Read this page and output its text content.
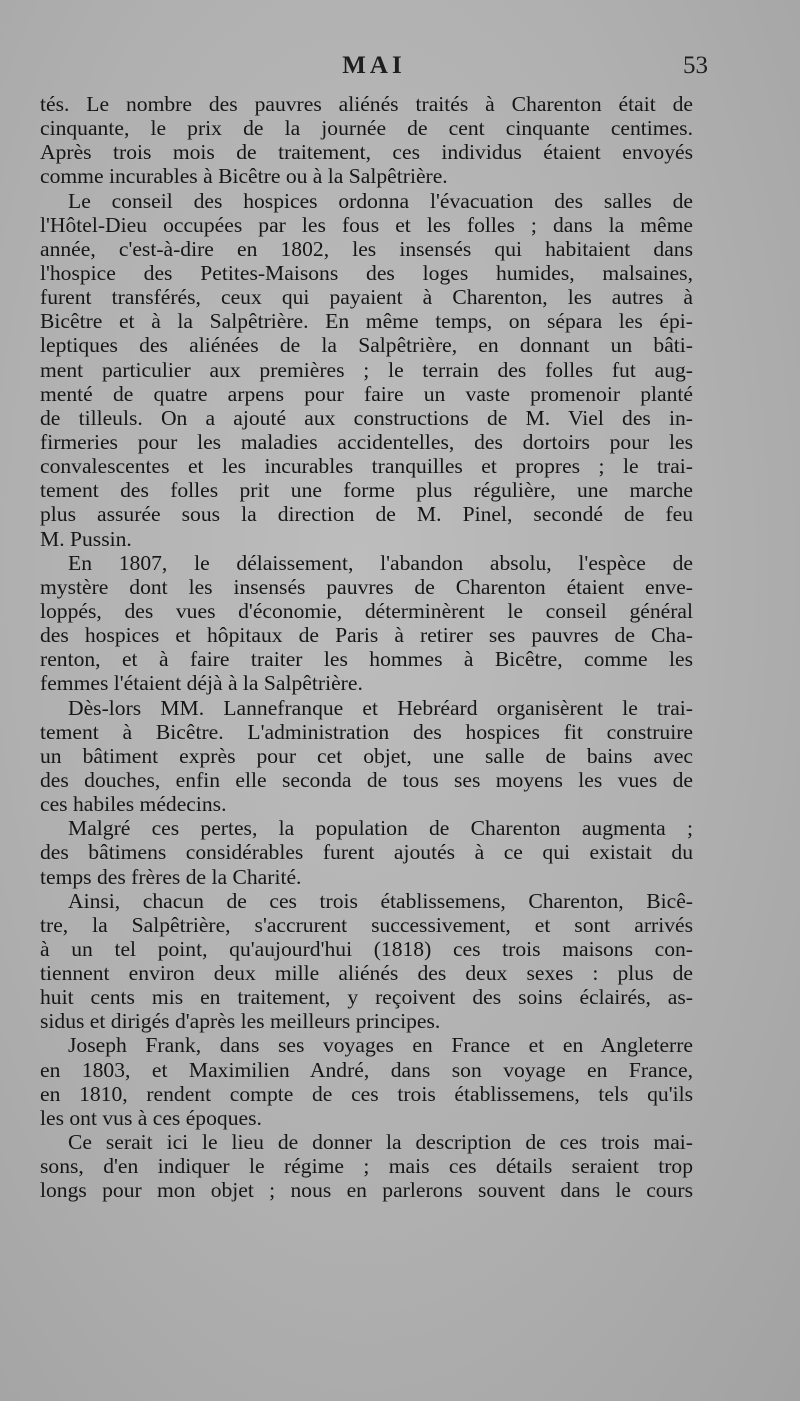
MAI	53

tés. Le nombre des pauvres aliénés traités à Charenton était de
cinquante, le prix de la journée de cent cinquante centimes.
Après trois mois de traitement, ces individus étaient envoyés
comme incurables à Bicêtre ou à la Salpêtrière.

Le conseil des hospices ordonna l'évacuation des salles de
l'Hôtel-Dieu occupées par les fous et les folles ; dans la même
année, c'est-à-dire en 1802, les insensés qui habitaient dans
l'hospice des Petites-Maisons des loges humides, malsaines,
furent transférés, ceux qui payaient à Charenton, les autres à
Bicêtre et à la Salpêtrière. En même temps, on sépara les épi-
leptiques des aliénées de la Salpêtrière, en donnant un bâti-
ment particulier aux premières ; le terrain des folles fut aug-
menté de quatre arpens pour faire un vaste promenoir planté
de tilleuls. On a ajouté aux constructions de M. Viel des in-
firmeries pour les maladies accidentelles, des dortoirs pour les
convalescentes et les incurables tranquilles et propres ; le trai-
tement des folles prit une forme plus régulière, une marche
plus assurée sous la direction de M. Pinel, secondé de feu
M. Pussin.

En 1807, le délaissement, l'abandon absolu, l'espèce de
mystère dont les insensés pauvres de Charenton étaient enve-
loppés, des vues d'économie, déterminèrent le conseil général
des hospices et hôpitaux de Paris à retirer ses pauvres de Cha-
renton, et à faire traiter les hommes à Bicêtre, comme les
femmes l'étaient déjà à la Salpêtrière.

Dès-lors MM. Lannefranque et Hebréard organisèrent le trai-
tement à Bicêtre. L'administration des hospices fit construire
un bâtiment exprès pour cet objet, une salle de bains avec
des douches, enfin elle seconda de tous ses moyens les vues de
ces habiles médecins.

Malgré ces pertes, la population de Charenton augmenta ;
des bâtimens considérables furent ajoutés à ce qui existait du
temps des frères de la Charité.

Ainsi, chacun de ces trois établissemens, Charenton, Bicê-
tre, la Salpêtrière, s'accrurent successivement, et sont arrivés
à un tel point, qu'aujourd'hui (1818) ces trois maisons con-
tiennent environ deux mille aliénés des deux sexes : plus de
huit cents mis en traitement, y reçoivent des soins éclairés, as-
sidus et dirigés d'après les meilleurs principes.

Joseph Frank, dans ses voyages en France et en Angleterre
en 1803, et Maximilien André, dans son voyage en France,
en 1810, rendent compte de ces trois établissemens, tels qu'ils
les ont vus à ces époques.

Ce serait ici le lieu de donner la description de ces trois mai-
sons, d'en indiquer le régime ; mais ces détails seraient trop
longs pour mon objet ; nous en parlerons souvent dans le cours
